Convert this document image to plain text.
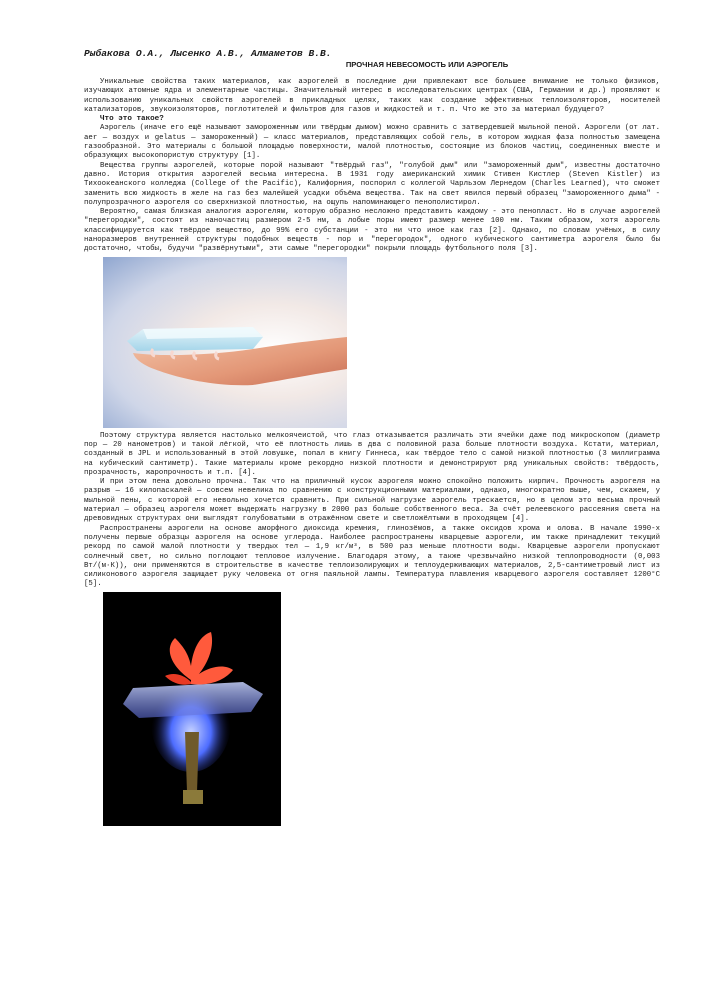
Рыбакова О.А., Лысенко А.В., Алмаметов В.В.

ПРОЧНАЯ НЕВЕСОМОСТЬ ИЛИ АЭРОГЕЛЬ

Уникальные свойства таких материалов, как аэрогелей в последние дни привлекают все большее внимание не только физиков, изучающих атомные ядра и элементарные частицы. Значительный интерес в исследовательских центрах (США, Германии и др.) проявляют к использованию уникальных свойств аэрогелей в прикладных целях, таких как создание эффективных теплоизоляторов, носителей катализаторов, звукоизоляторов, поглотителей и фильтров для газов и жидкостей и т. п. Что же это за материал будущего?

Что это такое?

Аэрогель (иначе его ещё называют замороженным или твёрдым дымом) можно сравнить с затвердевшей мыльной пеной. Аэрогели (от лат. aer — воздух и gelatus — замороженный) — класс материалов, представляющих собой гель, в котором жидкая фаза полностью замещена газообразной. Это материалы с большой площадью поверхности, малой плотностью, состоящие из блоков частиц, соединенных вместе и образующих высокопористую структуру [1].

Вещества группы аэрогелей, которые порой называют "твёрдый газ", "голубой дым" или "замороженный дым", известны достаточно давно. История открытия аэрогелей весьма интересна. В 1931 году американский химик Стивен Кистлер (Steven Kistler) из Тихоокеанского колледжа (College of the Pacific), Калифорния, поспорил с коллегой Чарльзом Лернедом (Charles Learned), что сможет заменить всю жидкость в желе на газ без малейшей усадки объёма вещества. Так на свет явился первый образец "замороженного дыма" - полупрозрачного аэрогеля со сверхнизкой плотностью, на ощупь напоминающего пенополистирол.

Вероятно, самая близкая аналогия аэрогелям, которую образно несложно представить каждому - это пенопласт. Но в случае аэрогелей "перегородки", состоят из наночастиц размером 2-5 нм, а лобые поры имеют размер менее 100 нм. Таким образом, хотя аэрогель классифицируется как твёрдое вещество, до 99% его субстанции - это ни что иное как газ [2]. Однако, по словам учёных, в силу наноразмеров внутренней структуры подобных веществ - пор и "перегородок", одного кубического сантиметра аэрогеля было бы достаточно, чтобы, будучи "развёрнутыми", эти самые "перегородки" покрыли площадь футбольного поля [3].

Поэтому структура является настолько мелкоячеистой, что глаз отказывается различать эти ячейки даже под микроскопом (диаметр пор — 20 нанометров) и такой лёгкой, что её плотность лишь в два с половиной раза больше плотности воздуха. Кстати, материал, созданный в JPL и использованный в этой ловушке, попал в книгу Гиннеса, как твёрдое тело с самой низкой плотностью (3 миллиграмма на кубический сантиметр). Такие материалы кроме рекордно низкой плотности и демонстрируют ряд уникальных свойств: твёрдость, прозрачность, жаропрочность и т.п. [4].

И при этом пена довольно прочна. Так что на приличный кусок аэрогеля можно спокойно положить кирпич. Прочность аэрогеля на разрыв — 16 килопаскалей — совсем невелика по сравнению с конструкционными материалами, однако, многократно выше, чем, скажем, у мыльной пены, с которой его невольно хочется сравнить. При сильной нагрузке аэрогель трескается, но в целом это весьма прочный материал — образец аэрогеля может выдержать нагрузку в 2000 раз больше собственного веса. За счёт релеевского рассеяния света на древовидных структурах они выглядят голубоватыми в отражённом свете и светложёлтыми в проходящем [4].

Распространены аэрогели на основе аморфного диоксида кремния, глинозёмов, а также оксидов хрома и олова. В начале 1990-х получены первые образцы аэрогеля на основе углерода. Наиболее распространены кварцевые аэрогели, им также принадлежит текущий рекорд по самой малой плотности у твердых тел — 1,9 кг/м³, в 500 раз меньше плотности воды. Кварцевые аэрогели пропускают солнечный свет, но сильно поглощают тепловое излучение. Благодаря этому, а также чрезвычайно низкой теплопроводности (0,003 Вт/(м·К)), они применяются в строительстве в качестве теплоизолирующих и теплоудерживающих материалов, 2,5-сантиметровый лист из силиконового аэрогеля защищает руку человека от огня паяльной лампы. Температура плавления кварцевого аэрогеля составляет 1200°С [5].
